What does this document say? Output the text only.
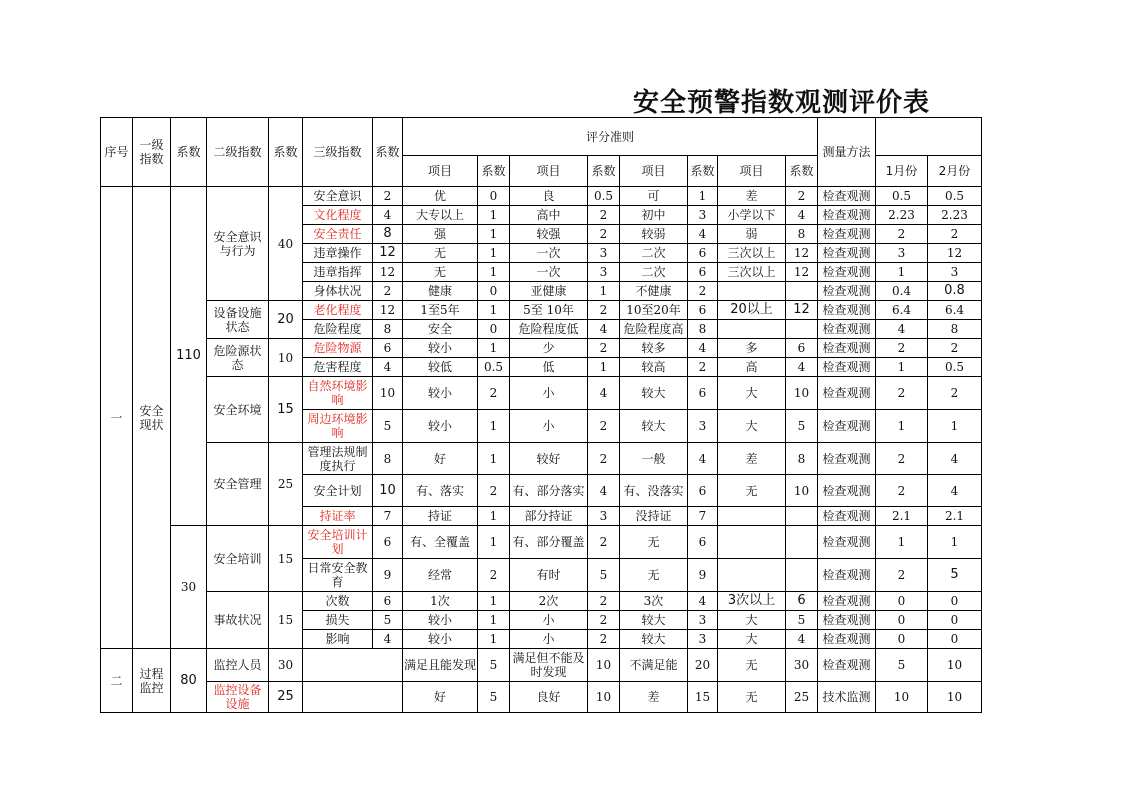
安全预警指数观测评价表
序号	一级指数	系数	二级指数	系数	三级指数	系数	评分准则								测量方法		
							项目	系数	项目	系数	项目	系数	项目	系数		1月份	2月份
一	安全现状	110	安全意识与行为	40	安全意识	2	优	0	良	0.5	可	1	差	2	检查观测	0.5	0.5
					文化程度	4	大专以上	1	高中	2	初中	3	小学以下	4	检查观测	2.23	2.23
					安全责任	8	强	1	较强	2	较弱	4	弱	8	检查观测	2	2
					违章操作	12	无	1	一次	3	二次	6	三次以上	12	检查观测	3	12
					违章指挥	12	无	1	一次	3	二次	6	三次以上	12	检查观测	1	3
					身体状况	2	健康	0	亚健康	1	不健康	2			检查观测	0.4	0.8
			设备设施状态	20	老化程度	12	1至5年	1	5至 10年	2	10至20年	6	20以上	12	检查观测	6.4	6.4
					危险程度	8	安全	0	危险程度低	4	危险程度高	8			检查观测	4	8
			危险源状态	10	危险物源	6	较小	1	少	2	较多	4	多	6	检查观测	2	2
					危害程度	4	较低	0.5	低	1	较高	2	高	4	检查观测	1	0.5
			安全环境	15	自然环境影响	10	较小	2	小	4	较大	6	大	10	检查观测	2	2
					周边环境影响	5	较小	1	小	2	较大	3	大	5	检查观测	1	1
			安全管理	25	管理法规制度执行	8	好	1	较好	2	一般	4	差	8	检查观测	2	4
					安全计划	10	有、落实	2	有、部分落实	4	有、没落实	6	无	10	检查观测	2	4
					持证率	7	持证	1	部分持证	3	没持证	7			检查观测	2.1	2.1
		30	安全培训	15	安全培训计划	6	有、全覆盖	1	有、部分覆盖	2	无	6			检查观测	1	1
					日常安全教育	9	经常	2	有时	5	无	9			检查观测	2	5
			事故状况	15	次数	6	1次	1	2次	2	3次	4	3次以上	6	检查观测	0	0
					损失	5	较小	1	小	2	较大	3	大	5	检查观测	0	0
					影响	4	较小	1	小	2	较大	3	大	4	检查观测	0	0
二	过程监控	80	监控人员	30			满足且能发现	5	满足但不能及时发现	10	不满足能	20	无	30	检查观测	5	10
			监控设备设施	25			好	5	良好	10	差	15	无	25	技术监测	10	10
